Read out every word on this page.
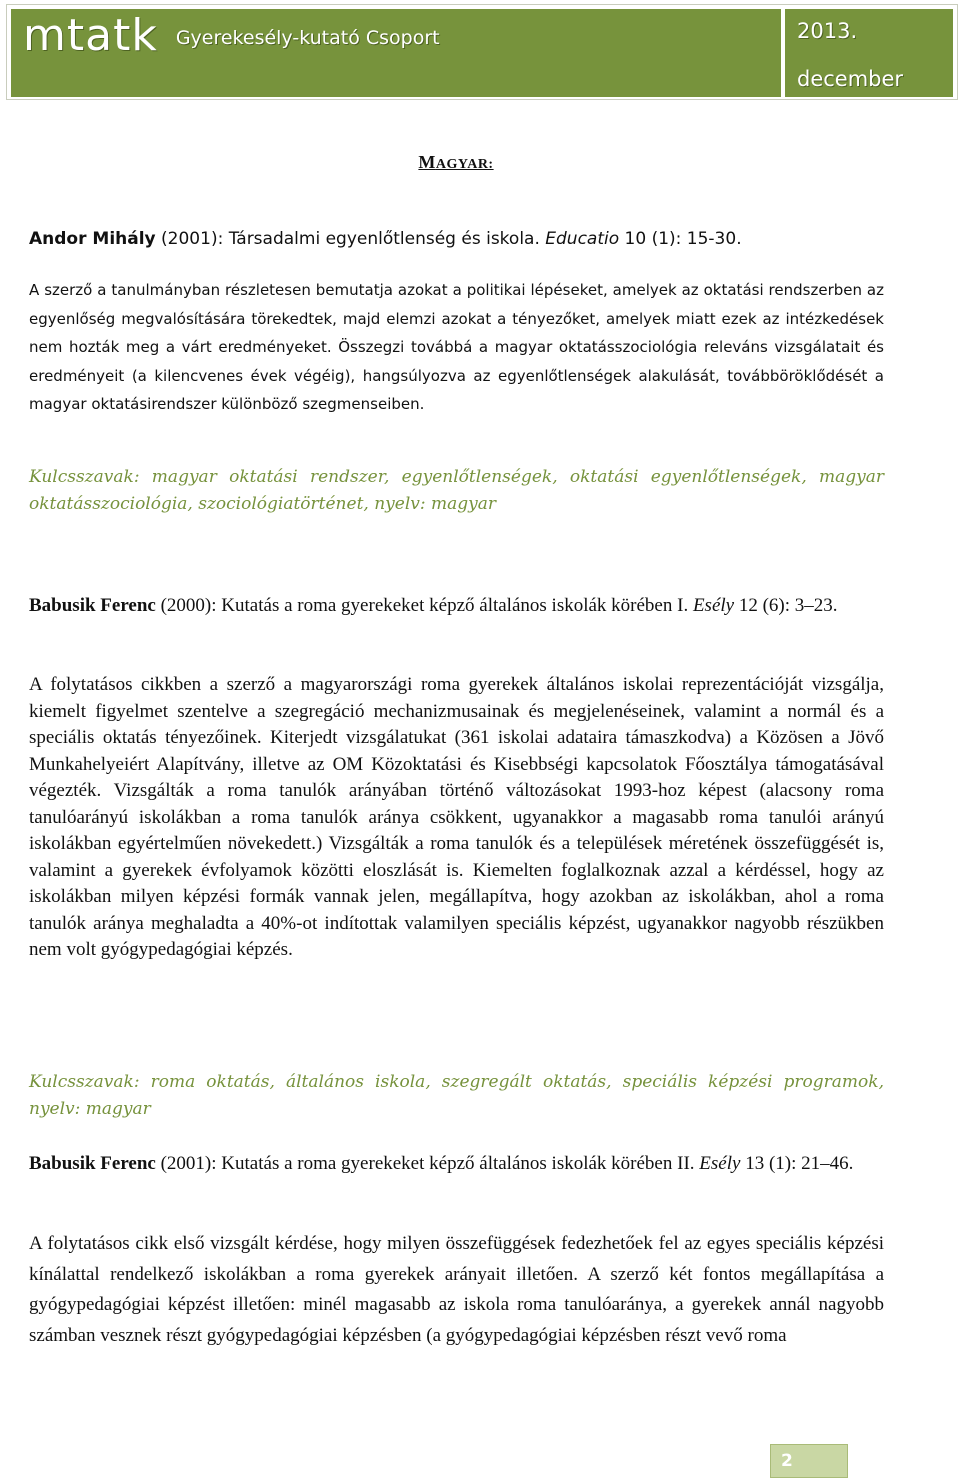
mtatk Gyerekesély-kutató Csoport	2013.
december
MAGYAR:

Andor Mihály (2001): Társadalmi egyenlőtlenség és iskola. Educatio 10 (1): 15-30.

A szerző a tanulmányban részletesen bemutatja azokat a politikai lépéseket, amelyek az oktatási rendszerben az egyenlőség megvalósítására törekedtek, majd elemzi azokat a tényezőket, amelyek miatt ezek az intézkedések nem hozták meg a várt eredményeket. Összegzi továbbá a magyar oktatásszociológia releváns vizsgálatait és eredményeit (a kilencvenes évek végéig), hangsúlyozva az egyenlőtlenségek alakulását, továbböröklődését a magyar oktatásirendszer különböző szegmenseiben.

Kulcsszavak: magyar oktatási rendszer, egyenlőtlenségek, oktatási egyenlőtlenségek, magyar oktatásszociológia, szociológiatörténet, nyelv: magyar

Babusik Ferenc (2000): Kutatás a roma gyerekeket képző általános iskolák körében I. Esély 12 (6): 3–23.

A folytatásos cikkben a szerző a magyarországi roma gyerekek általános iskolai reprezentációját vizsgálja, kiemelt figyelmet szentelve a szegregáció mechanizmusainak és megjelenéseinek, valamint a normál és a speciális oktatás tényezőinek. Kiterjedt vizsgálatukat (361 iskolai adataira támaszkodva) a Közösen a Jövő Munkahelyeiért Alapítvány, illetve az OM Közoktatási és Kisebbségi kapcsolatok Főosztálya támogatásával végezték. Vizsgálták a roma tanulók arányában történő változásokat 1993-hoz képest (alacsony roma tanulóarányú iskolákban a roma tanulók aránya csökkent, ugyanakkor a magasabb roma tanulói arányú iskolákban egyértelműen növekedett.) Vizsgálták a roma tanulók és a települések méretének összefüggését is, valamint a gyerekek évfolyamok közötti eloszlását is. Kiemelten foglalkoznak azzal a kérdéssel, hogy az iskolákban milyen képzési formák vannak jelen, megállapítva, hogy azokban az iskolákban, ahol a roma tanulók aránya meghaladta a 40%-ot indítottak valamilyen speciális képzést, ugyanakkor nagyobb részükben nem volt gyógypedagógiai képzés.

Kulcsszavak: roma oktatás, általános iskola, szegregált oktatás, speciális képzési programok, nyelv: magyar

Babusik Ferenc (2001): Kutatás a roma gyerekeket képző általános iskolák körében II. Esély 13 (1): 21–46.

A folytatásos cikk első vizsgált kérdése, hogy milyen összefüggések fedezhetőek fel az egyes speciális képzési kínálattal rendelkező iskolákban a roma gyerekek arányait illetően. A szerző két fontos megállapítása a gyógypedagógiai képzést illetően: minél magasabb az iskola roma tanulóaránya, a gyerekek annál nagyobb számban vesznek részt gyógypedagógiai képzésben (a gyógypedagógiai képzésben részt vevő roma

2
